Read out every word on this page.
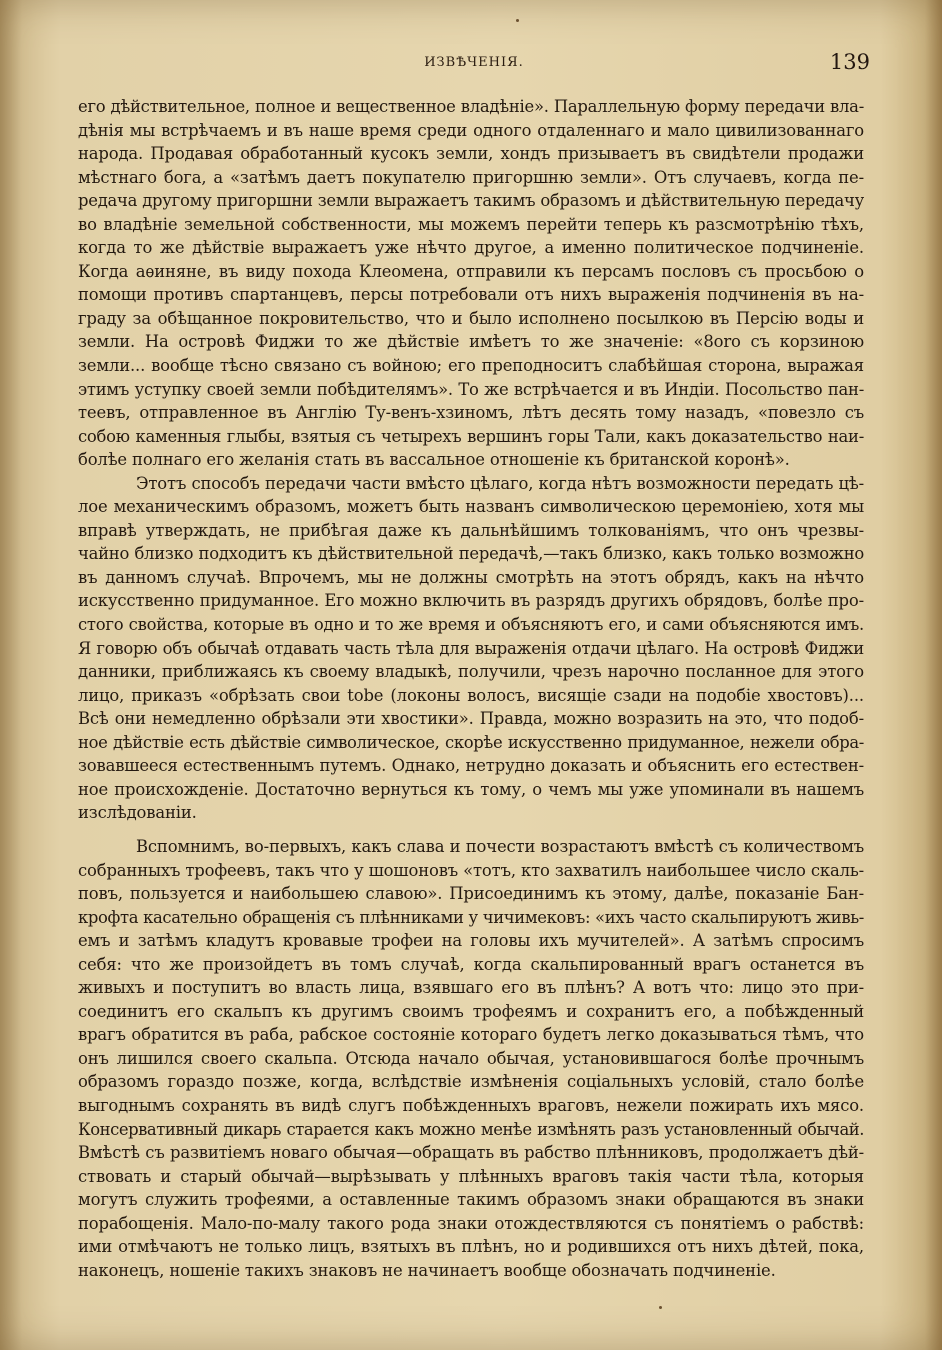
ИЗВѢЧЕНІЯ.	139
его дѣйствительное, полное и вещественное владѣніе». Параллельную форму передачи вла-
дѣнія мы встрѣчаемъ и въ наше время среди одного отдаленнаго и мало цивилизованнаго
народа. Продавая обработанный кусокъ земли, хондъ призываетъ въ свидѣтели продажи
мѣстнаго бога, а «затѣмъ даетъ покупателю пригоршню земли». Отъ случаевъ, когда пе-
редача другому пригоршни земли выражаетъ такимъ образомъ и дѣйствительную передачу
во владѣніе земельной собственности, мы можемъ перейти теперь къ разсмотрѣнію тѣхъ,
когда то же дѣйствіе выражаетъ уже нѣчто другое, а именно политическое подчиненіе.
Когда аѳиняне, въ виду похода Клеомена, отправили къ персамъ пословъ съ просьбою о
помощи противъ спартанцевъ, персы потребовали отъ нихъ выраженія подчиненія въ на-
граду за обѣщанное покровительство, что и было исполнено посылкою въ Персію воды и
земли. На островѣ Фиджи то же дѣйствіе имѣетъ то же значеніе: «8oro съ корзиною
земли... вообще тѣсно связано съ войною; его преподноситъ слабѣйшая сторона, выражая
этимъ уступку своей земли побѣдителямъ». То же встрѣчается и въ Индіи. Посольство пан-
теевъ, отправленное въ Англію Ту-венъ-хзиномъ, лѣтъ десять тому назадъ, «повезло съ
собою каменныя глыбы, взятыя съ четырехъ вершинъ горы Тали, какъ доказательство наи-
болѣе полнаго его желанія стать въ вассальное отношеніе къ британской коронѣ».
Этотъ способъ передачи части вмѣсто цѣлаго, когда нѣтъ возможности передать цѣ-
лое механическимъ образомъ, можетъ быть названъ символическою церемоніею, хотя мы
вправѣ утверждать, не прибѣгая даже къ дальнѣйшимъ толкованіямъ, что онъ чрезвы-
чайно близко подходитъ къ дѣйствительной передачѣ,—такъ близко, какъ только возможно
въ данномъ случаѣ. Впрочемъ, мы не должны смотрѣть на этотъ обрядъ, какъ на нѣчто
искусственно придуманное. Его можно включить въ разрядъ другихъ обрядовъ, болѣе про-
стого свойства, которые въ одно и то же время и объясняютъ его, и сами объясняются имъ.
Я говорю объ обычаѣ отдавать часть тѣла для выраженія отдачи цѣлаго. На островѣ Фиджи
данники, приближаясь къ своему владыкѣ, получили, чрезъ нарочно посланное для этого
лицо, приказъ «обрѣзать свои tobe (локоны волосъ, висящіе сзади на подобіе хвостовъ)...
Всѣ они немедленно обрѣзали эти хвостики». Правда, можно возразить на это, что подоб-
ное дѣйствіе есть дѣйствіе символическое, скорѣе искусственно придуманное, нежели обра-
зовавшееся естественнымъ путемъ. Однако, нетрудно доказать и объяснить его естествен-
ное происхожденіе. Достаточно вернуться къ тому, о чемъ мы уже упоминали въ нашемъ
изслѣдованіи.
Вспомнимъ, во-первыхъ, какъ слава и почести возрастаютъ вмѣстѣ съ количествомъ
собранныхъ трофеевъ, такъ что у шошоновъ «тотъ, кто захватилъ наибольшее число скаль-
повъ, пользуется и наибольшею славою». Присоединимъ къ этому, далѣе, показаніе Бан-
крофта касательно обращенія съ плѣнниками у чичимековъ: «ихъ часто скальпируютъ живь-
емъ и затѣмъ кладутъ кровавые трофеи на головы ихъ мучителей». А затѣмъ спросимъ
себя: что же произойдетъ въ томъ случаѣ, когда скальпированный врагъ останется въ
живыхъ и поступитъ во власть лица, взявшаго его въ плѣнъ? А вотъ что: лицо это при-
соединитъ его скальпъ къ другимъ своимъ трофеямъ и сохранитъ его, а побѣжденный
врагъ обратится въ раба, рабское состояніе котораго будетъ легко доказываться тѣмъ, что
онъ лишился своего скальпа. Отсюда начало обычая, установившагося болѣе прочнымъ
образомъ гораздо позже, когда, вслѣдствіе измѣненія соціальныхъ условій, стало болѣе
выгоднымъ сохранять въ видѣ слугъ побѣжденныхъ враговъ, нежели пожирать ихъ мясо.
Консервативный дикарь старается какъ можно менѣе измѣнять разъ установленный обычай.
Вмѣстѣ съ развитіемъ новаго обычая—обращать въ рабство плѣнниковъ, продолжаетъ дѣй-
ствовать и старый обычай—вырѣзывать у плѣнныхъ враговъ такія части тѣла, которыя
могутъ служить трофеями, а оставленные такимъ образомъ знаки обращаются въ знаки
порабощенія. Мало-по-малу такого рода знаки отождествляются съ понятіемъ о рабствѣ:
ими отмѣчаютъ не только лицъ, взятыхъ въ плѣнъ, но и родившихся отъ нихъ дѣтей, пока,
наконецъ, ношеніе такихъ знаковъ не начинаетъ вообще обозначать подчиненіе.
